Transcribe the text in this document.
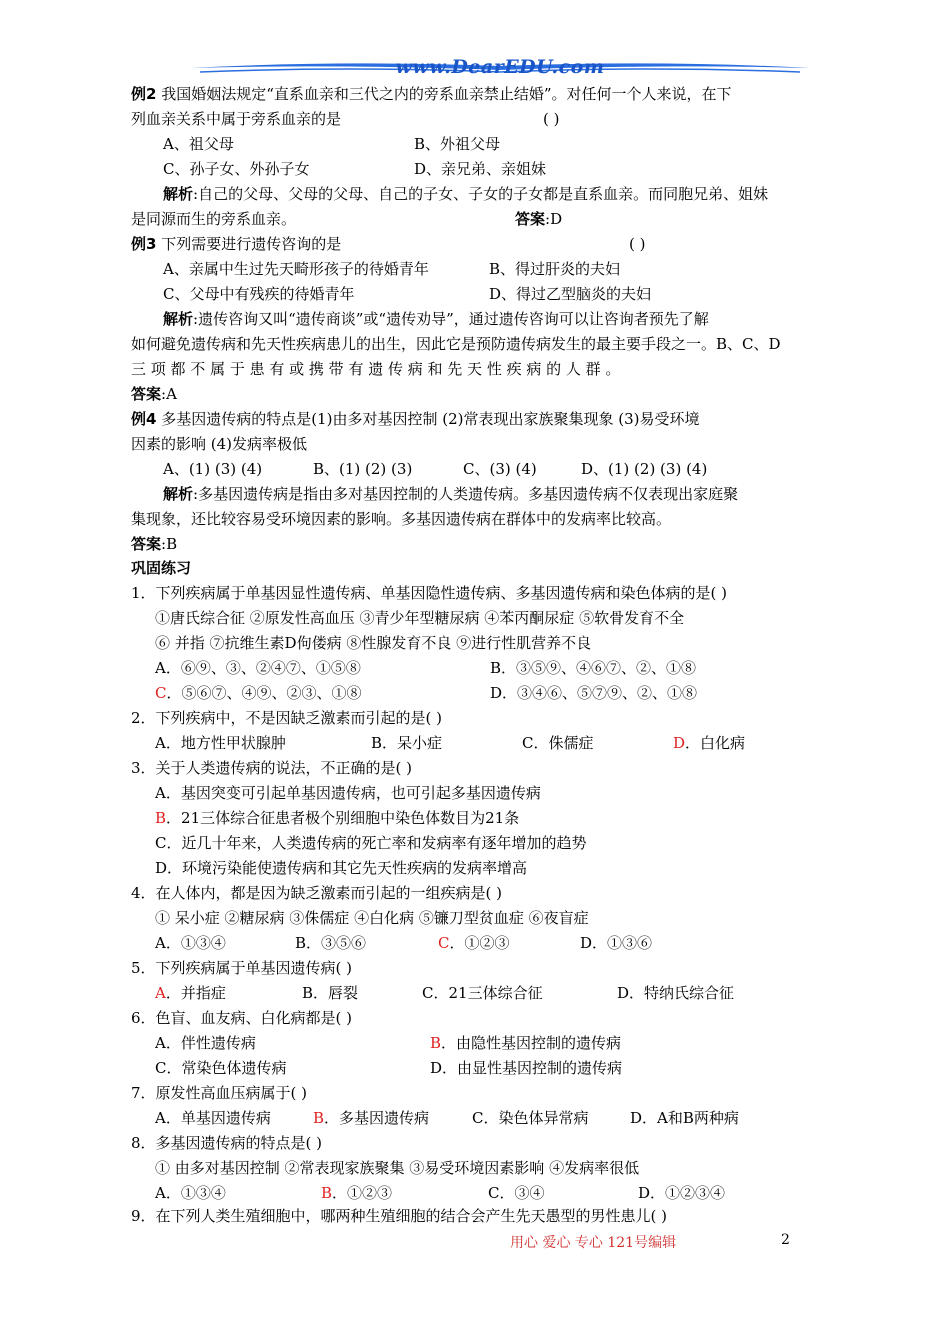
www.DearEDU.com
例2 我国婚姻法规定“直系血亲和三代之内的旁系血亲禁止结婚”。对任何一个人来说，在下
列血亲关系中属于旁系血亲的是	( )
A、祖父母	B、外祖父母
C、孙子女、外孙子女	D、亲兄弟、亲姐妹
解析:自己的父母、父母的父母、自己的子女、子女的子女都是直系血亲。而同胞兄弟、姐妹
是同源而生的旁系血亲。	答案:D
例3 下列需要进行遗传咨询的是	( )
A、亲属中生过先天畸形孩子的待婚青年	B、得过肝炎的夫妇
C、父母中有残疾的待婚青年	D、得过乙型脑炎的夫妇
解析:遗传咨询又叫“遗传商谈”或“遗传劝导”，通过遗传咨询可以让咨询者预先了解
如何避免遗传病和先天性疾病患儿的出生，因此它是预防遗传病发生的最主要手段之一。B、C、D
三 项 都 不 属 于 患 有 或 携 带 有 遗 传 病 和 先 天 性 疾 病 的 人 群 。
答案:A
例4 多基因遗传病的特点是(1)由多对基因控制 (2)常表现出家族聚集现象 (3)易受环境
因素的影响 (4)发病率极低
A、(1) (3) (4)	B、(1) (2) (3)	C、(3) (4)	D、(1) (2) (3) (4)
解析:多基因遗传病是指由多对基因控制的人类遗传病。多基因遗传病不仅表现出家庭聚
集现象，还比较容易受环境因素的影响。多基因遗传病在群体中的发病率比较高。
答案:B
巩固练习
1．下列疾病属于单基因显性遗传病、单基因隐性遗传病、多基因遗传病和染色体病的是( )
①唐氏综合征 ②原发性高血压 ③青少年型糖尿病 ④苯丙酮尿症 ⑤软骨发育不全
⑥ 并指 ⑦抗维生素D佝偻病 ⑧性腺发育不良 ⑨进行性肌营养不良
A．⑥⑨、③、②④⑦、①⑤⑧	B．③⑤⑨、④⑥⑦、②、①⑧
C．⑤⑥⑦、④⑨、②③、①⑧	D．③④⑥、⑤⑦⑨、②、①⑧
2．下列疾病中，不是因缺乏激素而引起的是( )
A．地方性甲状腺肿	B．呆小症	C．侏儒症	D．白化病
3．关于人类遗传病的说法，不正确的是( )
A．基因突变可引起单基因遗传病，也可引起多基因遗传病
B．21三体综合征患者极个别细胞中染色体数目为21条
C．近几十年来，人类遗传病的死亡率和发病率有逐年增加的趋势
D．环境污染能使遗传病和其它先天性疾病的发病率增高
4．在人体内，都是因为缺乏激素而引起的一组疾病是( )
① 呆小症 ②糖尿病 ③侏儒症 ④白化病 ⑤镰刀型贫血症 ⑥夜盲症
A．①③④	B．③⑤⑥	C．①②③	D．①③⑥
5．下列疾病属于单基因遗传病( )
A．并指症	B．唇裂	C．21三体综合征	D．特纳氏综合征
6．色盲、血友病、白化病都是( )
A．伴性遗传病	B．由隐性基因控制的遗传病
C．常染色体遗传病	D．由显性基因控制的遗传病
7．原发性高血压病属于( )
A．单基因遗传病	B．多基因遗传病	C．染色体异常病	D．A和B两种病
8．多基因遗传病的特点是( )
① 由多对基因控制 ②常表现家族聚集 ③易受环境因素影响 ④发病率很低
A．①③④	B．①②③	C．③④	D．①②③④
9．在下列人类生殖细胞中，哪两种生殖细胞的结合会产生先天愚型的男性患儿( )
用心 爱心 专心 121号编辑	2
